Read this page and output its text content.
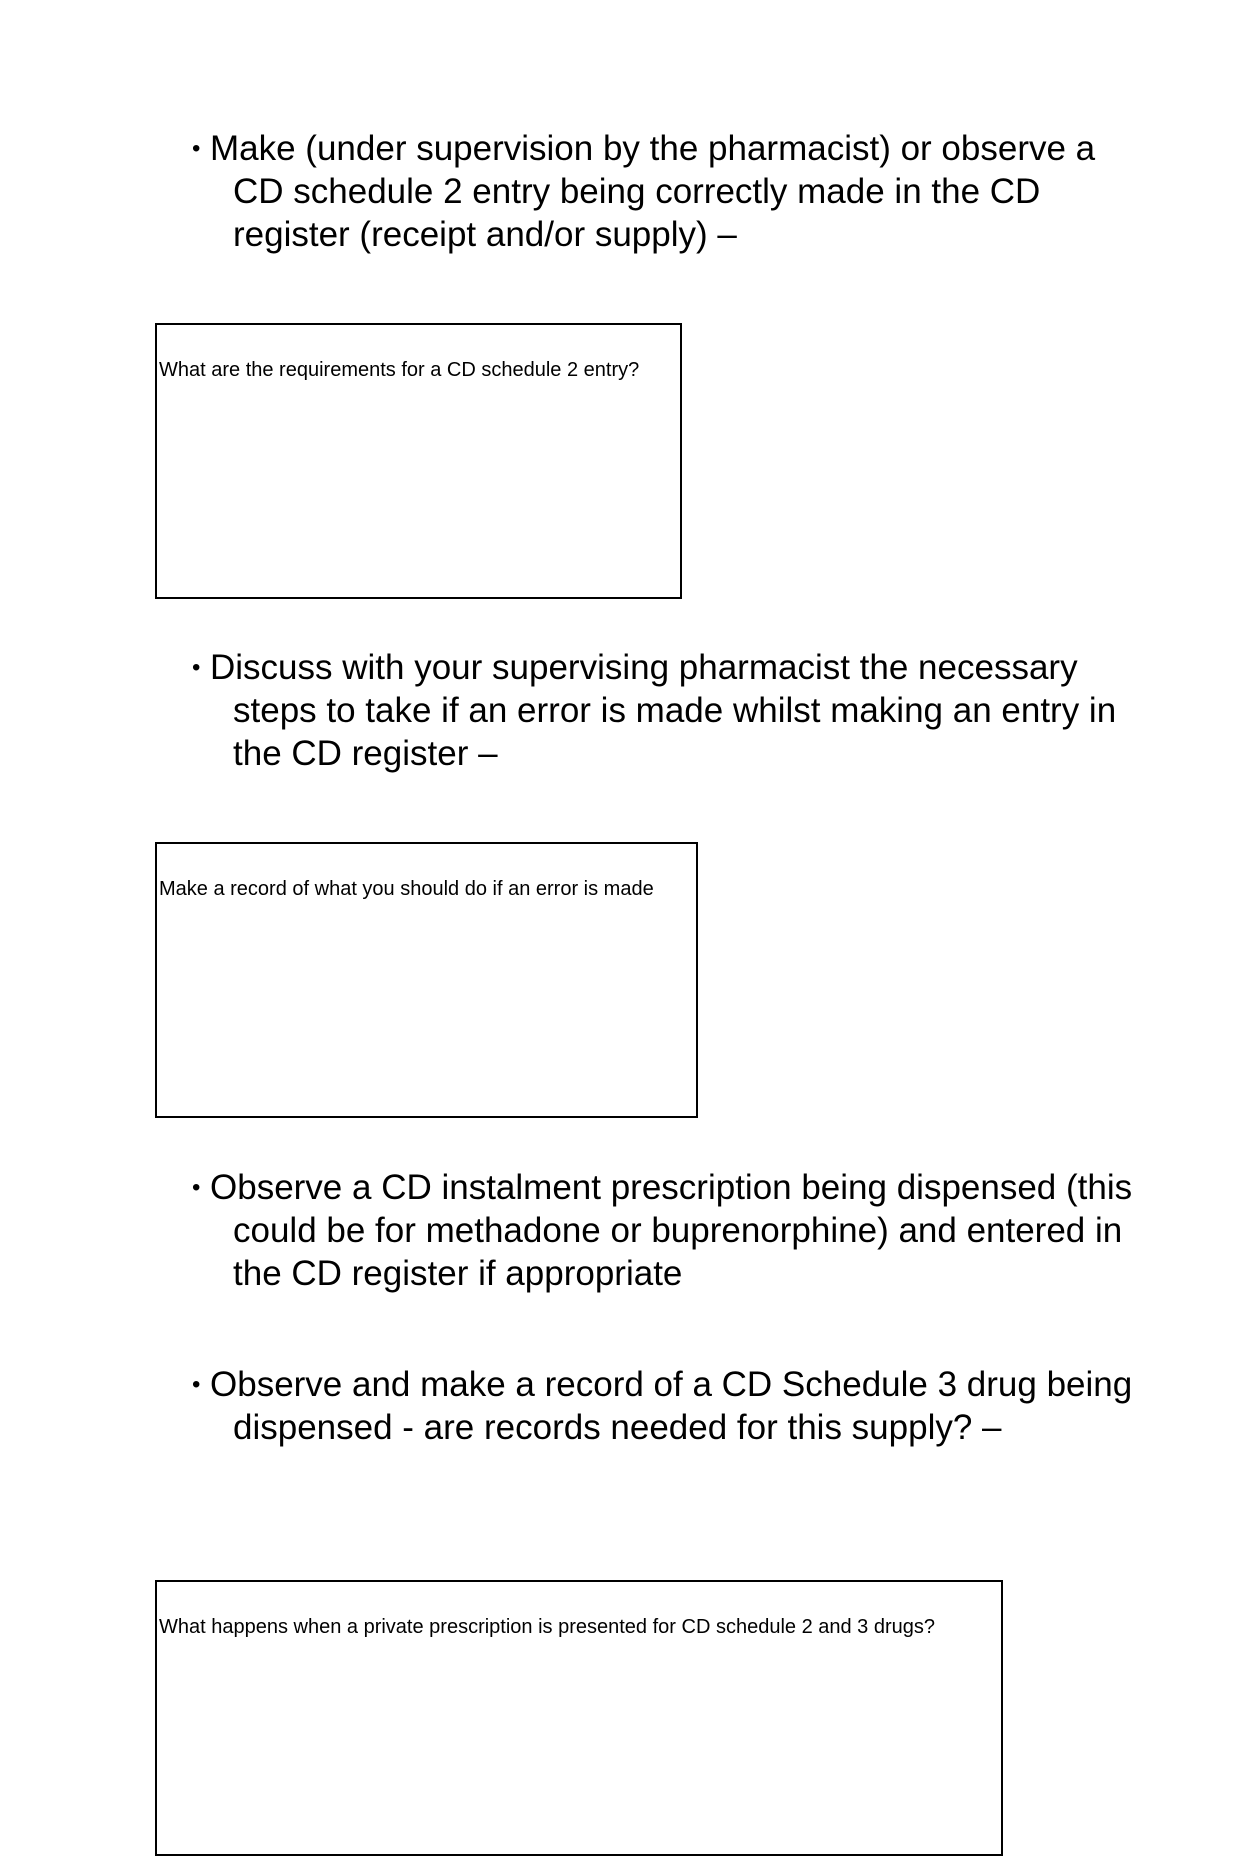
• Make (under supervision by the pharmacist) or observe a CD schedule 2 entry being correctly made in the CD register (receipt and/or supply) –
What are the requirements for a CD schedule 2 entry?
• Discuss with your supervising pharmacist the necessary steps to take if an error is made whilst making an entry in the CD register –
Make a record of what you should do if an error is made
• Observe a CD instalment prescription being dispensed (this could be for methadone or buprenorphine) and entered in the CD register if appropriate
• Observe and make a record of a CD Schedule 3 drug being dispensed - are records needed for this supply? –
What happens when a private prescription is presented for CD schedule 2 and 3 drugs?
